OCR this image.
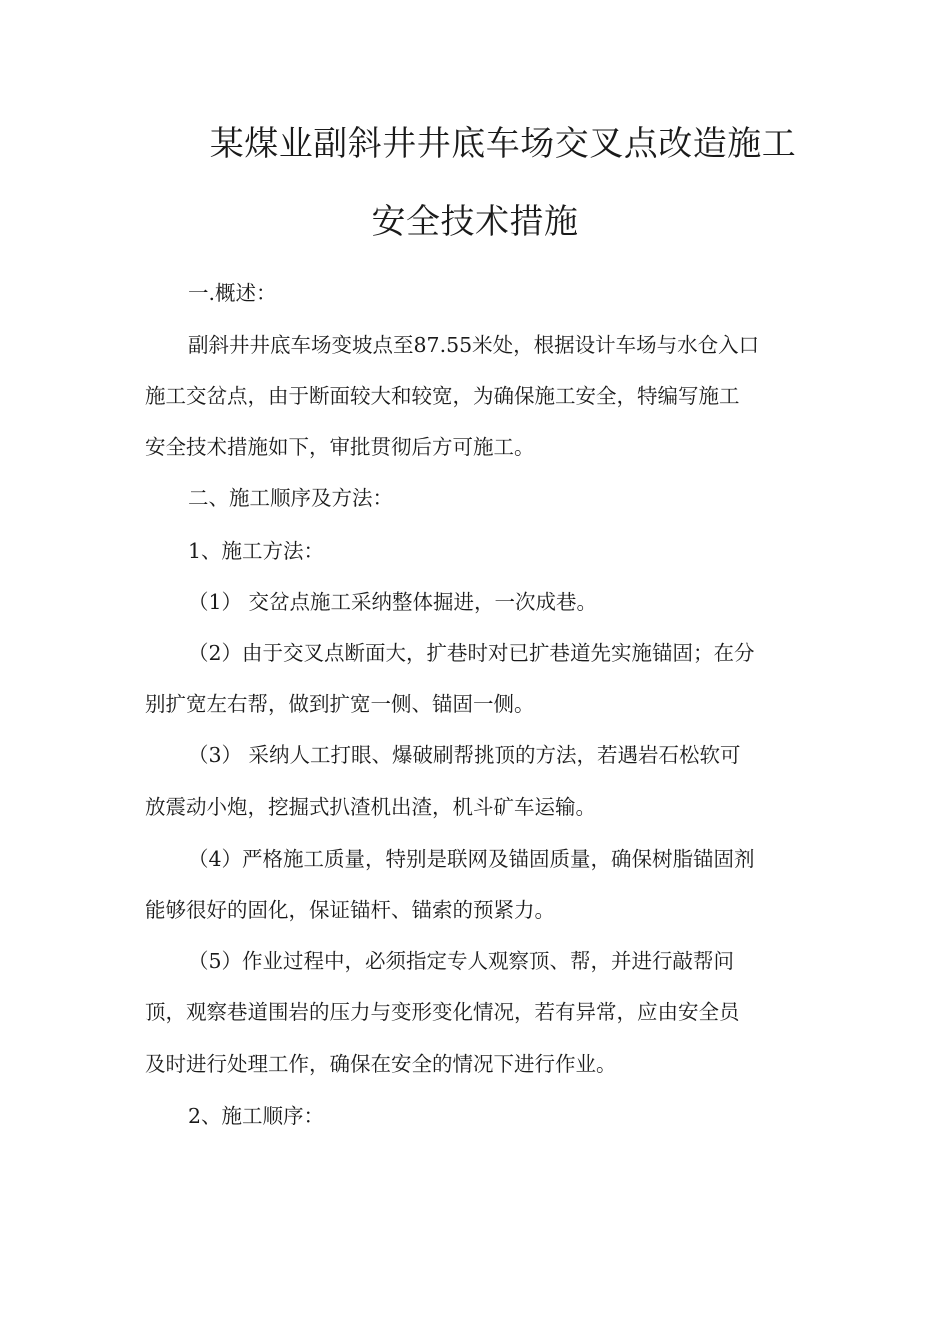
某煤业副斜井井底车场交叉点改造施工
安全技术措施
一.概述：
副斜井井底车场变坡点至87.55米处，根据设计车场与水仓入口
施工交岔点，由于断面较大和较宽，为确保施工安全，特编写施工
安全技术措施如下，审批贯彻后方可施工。
二、施工顺序及方法：
1、施工方法：
（1） 交岔点施工采纳整体掘进，一次成巷。
（2）由于交叉点断面大，扩巷时对已扩巷道先实施锚固；在分
别扩宽左右帮，做到扩宽一侧、锚固一侧。
（3） 采纳人工打眼、爆破刷帮挑顶的方法，若遇岩石松软可
放震动小炮，挖掘式扒渣机出渣，机斗矿车运输。
（4）严格施工质量，特别是联网及锚固质量，确保树脂锚固剂
能够很好的固化，保证锚杆、锚索的预紧力。
（5）作业过程中，必须指定专人观察顶、帮，并进行敲帮问
顶，观察巷道围岩的压力与变形变化情况，若有异常，应由安全员
及时进行处理工作，确保在安全的情况下进行作业。
2、施工顺序：
